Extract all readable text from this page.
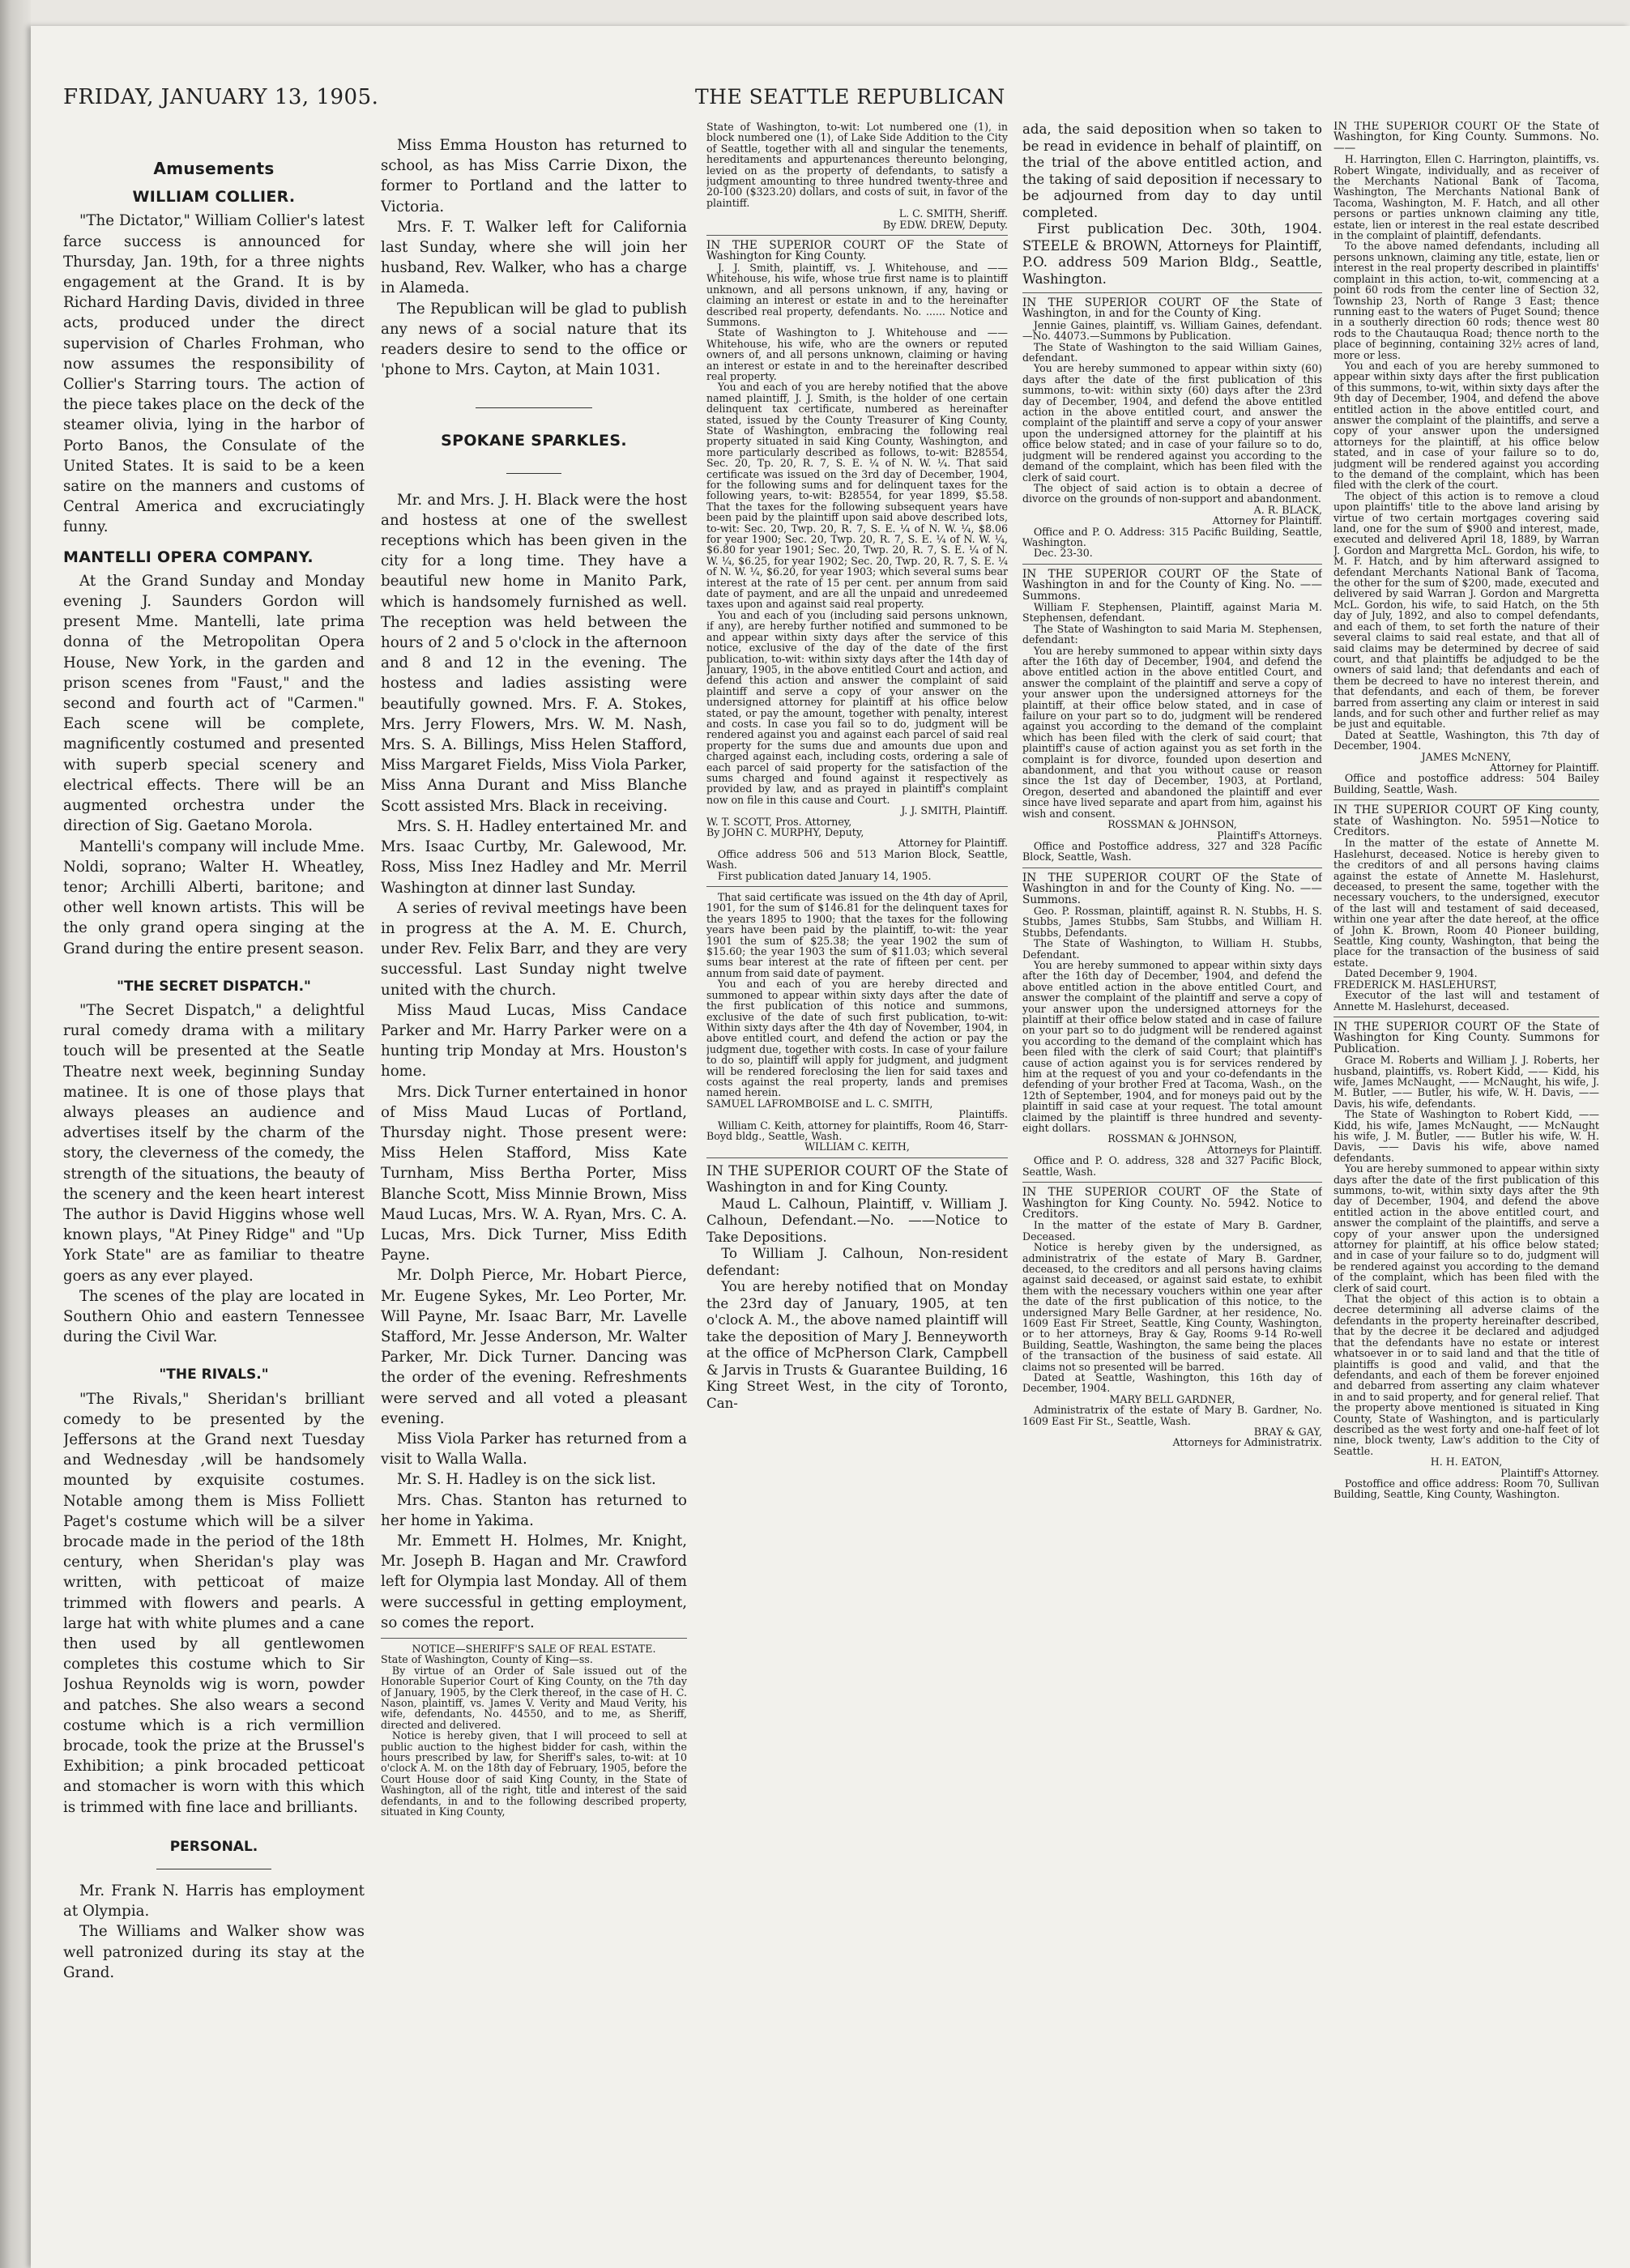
FRIDAY, JANUARY 13, 1905.	THE SEATTLE REPUBLICAN
Amusements
WILLIAM COLLIER.

"The Dictator," William Collier's latest farce success is announced for Thursday, Jan. 19th, for a three nights engagement at the Grand. It is by Richard Harding Davis, divided in three acts, produced under the direct supervision of Charles Frohman, who now assumes the responsibility of Collier's Starring tours. The action of the piece takes place on the deck of the steamer olivia, lying in the harbor of Porto Banos, the Consulate of the United States. It is said to be a keen satire on the manners and customs of Central America and excruciatingly funny.

MANTELLI OPERA COMPANY.

At the Grand Sunday and Monday evening J. Saunders Gordon will present Mme. Mantelli, late prima donna of the Metropolitan Opera House, New York, in the garden and prison scenes from "Faust," and the second and fourth act of "Carmen." Each scene will be complete, magnificently costumed and presented with superb special scenery and electrical effects. There will be an augmented orchestra under the direction of Sig. Gaetano Morola.

Mantelli's company will include Mme. Noldi, soprano; Walter H. Wheatley, tenor; Archilli Alberti, baritone; and other well known artists. This will be the only grand opera singing at the Grand during the entire present season.

"THE SECRET DISPATCH."

"The Secret Dispatch," a delightful rural comedy drama with a military touch will be presented at the Seatle Theatre next week, beginning Sunday matinee. It is one of those plays that always pleases an audience and advertises itself by the charm of the story, the cleverness of the comedy, the strength of the situations, the beauty of the scenery and the keen heart interest The author is David Higgins whose well known plays, "At Piney Ridge" and "Up York State" are as familiar to theatre goers as any ever played.

The scenes of the play are located in Southern Ohio and eastern Tennessee during the Civil War.

"THE RIVALS."

"The Rivals," Sheridan's brilliant comedy to be presented by the Jeffersons at the Grand next Tuesday and Wednesday ,will be handsomely mounted by exquisite costumes. Notable among them is Miss Folliett Paget's costume which will be a silver brocade made in the period of the 18th century, when Sheridan's play was written, with petticoat of maize trimmed with flowers and pearls. A large hat with white plumes and a cane then used by all gentlewomen completes this costume which to Sir Joshua Reynolds wig is worn, powder and patches. She also wears a second costume which is a rich vermillion brocade, took the prize at the Brussel's Exhibition; a pink brocaded petticoat and stomacher is worn with this which is trimmed with fine lace and brilliants.

PERSONAL.

Mr. Frank N. Harris has employment at Olympia.

The Williams and Walker show was well patronized during its stay at the Grand.

Miss Emma Houston has returned to school, as has Miss Carrie Dixon, the former to Portland and the latter to Victoria.

Mrs. F. T. Walker left for California last Sunday, where she will join her husband, Rev. Walker, who has a charge in Alameda.

The Republican will be glad to publish any news of a social nature that its readers desire to send to the office or 'phone to Mrs. Cayton, at Main 1031.

SPOKANE SPARKLES.

Mr. and Mrs. J. H. Black were the host and hostess at one of the swellest receptions which has been given in the city for a long time. They have a beautiful new home in Manito Park, which is handsomely furnished as well. The reception was held between the hours of 2 and 5 o'clock in the afternoon and 8 and 12 in the evening. The hostess and ladies assisting were beautifully gowned. Mrs. F. A. Stokes, Mrs. Jerry Flowers, Mrs. W. M. Nash, Mrs. S. A. Billings, Miss Helen Stafford, Miss Margaret Fields, Miss Viola Parker, Miss Anna Durant and Miss Blanche Scott assisted Mrs. Black in receiving.

Mrs. S. H. Hadley entertained Mr. and Mrs. Isaac Curtby, Mr. Galewood, Mr. Ross, Miss Inez Hadley and Mr. Merril Washington at dinner last Sunday.

A series of revival meetings have been in progress at the A. M. E. Church, under Rev. Felix Barr, and they are very successful. Last Sunday night twelve united with the church.

Miss Maud Lucas, Miss Candace Parker and Mr. Harry Parker were on a hunting trip Monday at Mrs. Houston's home.

Mrs. Dick Turner entertained in honor of Miss Maud Lucas of Portland, Thursday night. Those present were: Miss Helen Stafford, Miss Kate Turnham, Miss Bertha Porter, Miss Blanche Scott, Miss Minnie Brown, Miss Maud Lucas, Mrs. W. A. Ryan, Mrs. C. A. Lucas, Mrs. Dick Turner, Miss Edith Payne.

Mr. Dolph Pierce, Mr. Hobart Pierce, Mr. Eugene Sykes, Mr. Leo Porter, Mr. Will Payne, Mr. Isaac Barr, Mr. Lavelle Stafford, Mr. Jesse Anderson, Mr. Walter Parker, Mr. Dick Turner. Dancing was the order of the evening. Refreshments were served and all voted a pleasant evening.

Miss Viola Parker has returned from a visit to Walla Walla.

Mr. S. H. Hadley is on the sick list.

Mrs. Chas. Stanton has returned to her home in Yakima.

Mr. Emmett H. Holmes, Mr. Knight, Mr. Joseph B. Hagan and Mr. Crawford left for Olympia last Monday. All of them were successful in getting employment, so comes the report.

NOTICE—SHERIFF'S SALE OF REAL ESTATE.

State of Washington, County of King—ss.

By virtue of an Order of Sale issued out of the Honorable Superior Court of King County, on the 7th day of January, 1905, by the Clerk thereof, in the case of H. C. Nason, plaintiff, vs. James V. Verity and Maud Verity, his wife, defendants, No. 44550, and to me, as Sheriff, directed and delivered.

Notice is hereby given, that I will proceed to sell at public auction to the highest bidder for cash, within the hours prescribed by law, for Sheriff's sales, to-wit: at 10 o'clock A. M. on the 18th day of February, 1905, before the Court House door of said King County, in the State of Washington, all of the right, title and interest of the said defendants, in and to the following described property, situated in King County,

State of Washington, to-wit: Lot numbered one (1), in block numbered one (1), of Lake Side Addition to the City of Seattle, together with all and singular the tenements, hereditaments and appurtenances thereunto belonging, levied on as the property of defendants, to satisfy a judgment amounting to three hundred twenty-three and 20-100 ($323.20) dollars, and costs of suit, in favor of the plaintiff.

L. C. SMITH, Sheriff.

By EDW. DREW, Deputy.

IN THE SUPERIOR COURT OF the State of Washington for King County.

J. J. Smith, plaintiff, vs. J. Whitehouse, and —— Whitehouse, his wife, whose true first name is to plaintiff unknown, and all persons unknown, if any, having or claiming an interest or estate in and to the hereinafter described real property, defendants. No. ...... Notice and Summons.

State of Washington to J. Whitehouse and —— Whitehouse, his wife, who are the owners or reputed owners of, and all persons unknown, claiming or having an interest or estate in and to the hereinafter described real property.

You and each of you are hereby notified that the above named plaintiff, J. J. Smith, is the holder of one certain delinquent tax certificate, numbered as hereinafter stated, issued by the County Treasurer of King County, State of Washington, embracing the following real property situated in said King County, Washington, and more particularly described as follows, to-wit: B28554, Sec. 20, Tp. 20, R. 7, S. E. ¼ of N. W. ¼. That said certificate was issued on the 3rd day of December, 1904, for the following sums and for delinquent taxes for the following years, to-wit: B28554, for year 1899, $5.58. That the taxes for the following subsequent years have been paid by the plaintiff upon said above described lots, to-wit: Sec. 20, Twp. 20, R. 7, S. E. ¼ of N. W. ¼, $8.06 for year 1900; Sec. 20, Twp. 20, R. 7, S. E. ¼ of N. W. ¼, $6.80 for year 1901; Sec. 20, Twp. 20, R. 7, S. E. ¼ of N. W. ¼, $6.25, for year 1902; Sec. 20, Twp. 20, R. 7, S. E. ¼ of N. W. ¼, $6.20, for year 1903; which several sums bear interest at the rate of 15 per cent. per annum from said date of payment, and are all the unpaid and unredeemed taxes upon and against said real property.

You and each of you (including said persons unknown, if any), are hereby further notified and summoned to be and appear within sixty days after the service of this notice, exclusive of the day of the date of the first publication, to-wit: within sixty days after the 14th day of January, 1905, in the above entitled Court and action, and defend this action and answer the complaint of said plaintiff and serve a copy of your answer on the undersigned attorney for plaintiff at his office below stated, or pay the amount, together with penalty, interest and costs. In case you fail so to do, judgment will be rendered against you and against each parcel of said real property for the sums due and amounts due upon and charged against each, including costs, ordering a sale of each parcel of said property for the satisfaction of the sums charged and found against it respectively as provided by law, and as prayed in plaintiff's complaint now on file in this cause and Court.

J. J. SMITH, Plaintiff.

W. T. SCOTT, Pros. Attorney,

By JOHN C. MURPHY, Deputy,

Attorney for Plaintiff.

Office address 506 and 513 Marion Block, Seattle, Wash.

First publication dated January 14, 1905.

That said certificate was issued on the 4th day of April, 1901, for the sum of $146.81 for the delinquent taxes for the years 1895 to 1900; that the taxes for the following years have been paid by the plaintiff, to-wit: the year 1901 the sum of $25.38; the year 1902 the sum of $15.60; the year 1903 the sum of $11.03; which several sums bear interest at the rate of fifteen per cent. per annum from said date of payment.

You and each of you are hereby directed and summoned to appear within sixty days after the date of the first publication of this notice and summons, exclusive of the date of such first publication, to-wit: Within sixty days after the 4th day of November, 1904, in above entitled court, and defend the action or pay the judgment due, together with costs. In case of your failure to do so, plaintiff will apply for judgment, and judgment will be rendered foreclosing the lien for said taxes and costs against the real property, lands and premises named herein.

SAMUEL LAFROMBOISE and L. C. SMITH,

Plaintiffs.

William C. Keith, attorney for plaintiffs, Room 46, Starr-Boyd bldg., Seattle, Wash.

WILLIAM C. KEITH,

IN THE SUPERIOR COURT OF the State of Washington in and for King County.

Maud L. Calhoun, Plaintiff, v. William J. Calhoun, Defendant.—No. ——Notice to Take Depositions.

To William J. Calhoun, Non-resident defendant:

You are hereby notified that on Monday the 23rd day of January, 1905, at ten o'clock A. M., the above named plaintiff will take the deposition of Mary J. Benneyworth at the office of McPherson Clark, Campbell & Jarvis in Trusts & Guarantee Building, 16 King Street West, in the city of Toronto, Can-

ada, the said deposition when so taken to be read in evidence in behalf of plaintiff, on the trial of the above entitled action, and the taking of said deposition if necessary to be adjourned from day to day until completed.

First publication Dec. 30th, 1904. STEELE & BROWN, Attorneys for Plaintiff, P.O. address 509 Marion Bldg., Seattle, Washington.

IN THE SUPERIOR COURT OF the State of Washington, in and for the County of King.

Jennie Gaines, plaintiff, vs. William Gaines, defendant.—No. 44073.—Summons by Publication.

The State of Washington to the said William Gaines, defendant.

You are hereby summoned to appear within sixty (60) days after the date of the first publication of this summons, to-wit: within sixty (60) days after the 23rd day of December, 1904, and defend the above entitled action in the above entitled court, and answer the complaint of the plaintiff and serve a copy of your answer upon the undersigned attorney for the plaintiff at his office below stated; and in case of your failure so to do, judgment will be rendered against you according to the demand of the complaint, which has been filed with the clerk of said court.

The object of said action is to obtain a decree of divorce on the grounds of non-support and abandonment.

A. R. BLACK,

Attorney for Plaintiff.

Office and P. O. Address: 315 Pacific Building, Seattle, Washington.

Dec. 23-30.

IN THE SUPERIOR COURT OF the State of Washington in and for the County of King. No. ——Summons.

William F. Stephensen, Plaintiff, against Maria M. Stephensen, defendant.

The State of Washington to said Maria M. Stephensen, defendant:

You are hereby summoned to appear within sixty days after the 16th day of December, 1904, and defend the above entitled action in the above entitled Court, and answer the complaint of the plaintiff and serve a copy of your answer upon the undersigned attorneys for the plaintiff, at their office below stated, and in case of failure on your part so to do, judgment will be rendered against you according to the demand of the complaint which has been filed with the clerk of said court; that plaintiff's cause of action against you as set forth in the complaint is for divorce, founded upon desertion and abandonment, and that you without cause or reason since the 1st day of December, 1903, at Portland, Oregon, deserted and abandoned the plaintiff and ever since have lived separate and apart from him, against his wish and consent.

ROSSMAN & JOHNSON,

Plaintiff's Attorneys.

Office and Postoffice address, 327 and 328 Pacific Block, Seattle, Wash.

IN THE SUPERIOR COURT OF the State of Washington in and for the County of King. No. ——Summons.

Geo. P. Rossman, plaintiff, against R. N. Stubbs, H. S. Stubbs, James Stubbs, Sam Stubbs, and William H. Stubbs, Defendants.

The State of Washington, to William H. Stubbs, Defendant.

You are hereby summoned to appear within sixty days after the 16th day of December, 1904, and defend the above entitled action in the above entitled Court, and answer the complaint of the plaintiff and serve a copy of your answer upon the undersigned attorneys for the plaintiff at their office below stated and in case of failure on your part so to do judgment will be rendered against you according to the demand of the complaint which has been filed with the clerk of said Court; that plaintiff's cause of action against you is for services rendered by him at the request of you and your co-defendants in the defending of your brother Fred at Tacoma, Wash., on the 12th of September, 1904, and for moneys paid out by the plaintiff in said case at your request. The total amount claimed by the plaintiff is three hundred and seventy-eight dollars.

ROSSMAN & JOHNSON,

Attorneys for Plaintiff.

Office and P. O. address, 328 and 327 Pacific Block, Seattle, Wash.

IN THE SUPERIOR COURT OF the State of Washington for King County. No. 5942. Notice to Creditors.

In the matter of the estate of Mary B. Gardner, Deceased.

Notice is hereby given by the undersigned, as administratrix of the estate of Mary B. Gardner, deceased, to the creditors and all persons having claims against said deceased, or against said estate, to exhibit them with the necessary vouchers within one year after the date of the first publication of this notice, to the undersigned Mary Belle Gardner, at her residence, No. 1609 East Fir Street, Seattle, King County, Washington, or to her attorneys, Bray & Gay, Rooms 9-14 Ro-well Building, Seattle, Washington, the same being the places of the transaction of the business of said estate. All claims not so presented will be barred.

Dated at Seattle, Washington, this 16th day of December, 1904.

MARY BELL GARDNER,

Administratrix of the estate of Mary B. Gardner, No. 1609 East Fir St., Seattle, Wash.

BRAY & GAY,

Attorneys for Administratrix.

IN THE SUPERIOR COURT OF the State of Washington, for King County. Summons. No. ——

H. Harrington, Ellen C. Harrington, plaintiffs, vs. Robert Wingate, individually, and as receiver of the Merchants National Bank of Tacoma, Washington, The Merchants National Bank of Tacoma, Washington, M. F. Hatch, and all other persons or parties unknown claiming any title, estate, lien or interest in the real estate described in the complaint of plaintiff, defendants.

To the above named defendants, including all persons unknown, claiming any title, estate, lien or interest in the real property described in plaintiffs' complaint in this action, to-wit, commencing at a point 60 rods from the center line of Section 32, Township 23, North of Range 3 East; thence running east to the waters of Puget Sound; thence in a southerly direction 60 rods; thence west 80 rods to the Chautauqua Road; thence north to the place of beginning, containing 32½ acres of land, more or less.

You and each of you are hereby summoned to appear within sixty days after the first publication of this summons, to-wit, within sixty days after the 9th day of December, 1904, and defend the above entitled action in the above entitled court, and answer the complaint of the plaintiffs, and serve a copy of your answer upon the undersigned attorneys for the plaintiff, at his office below stated, and in case of your failure so to do, judgment will be rendered against you according to the demand of the complaint, which has been filed with the clerk of the court.

The object of this action is to remove a cloud upon plaintiffs' title to the above land arising by virtue of two certain mortgages covering said land, one for the sum of $900 and interest, made, executed and delivered April 18, 1889, by Warran J. Gordon and Margretta McL. Gordon, his wife, to M. F. Hatch, and by him afterward assigned to defendant Merchants National Bank of Tacoma, the other for the sum of $200, made, executed and delivered by said Warran J. Gordon and Margretta McL. Gordon, his wife, to said Hatch, on the 5th day of July, 1892, and also to compel defendants, and each of them, to set forth the nature of their several claims to said real estate, and that all of said claims may be determined by decree of said court, and that plaintiffs be adjudged to be the owners of said land; that defendants and each of them be decreed to have no interest therein, and that defendants, and each of them, be forever barred from asserting any claim or interest in said lands, and for such other and further relief as may be just and equitable.

Dated at Seattle, Washington, this 7th day of December, 1904.

JAMES McNENY,

Attorney for Plaintiff.

Office and postoffice address: 504 Bailey Building, Seattle, Wash.

IN THE SUPERIOR COURT OF King county, state of Washington. No. 5951—Notice to Creditors.

In the matter of the estate of Annette M. Haslehurst, deceased. Notice is hereby given to the creditors of and all persons having claims against the estate of Annette M. Haslehurst, deceased, to present the same, together with the necessary vouchers, to the undersigned, executor of the last will and testament of said deceased, within one year after the date hereof, at the office of John K. Brown, Room 40 Pioneer building, Seattle, King county, Washington, that being the place for the transaction of the business of said estate.

Dated December 9, 1904.

FREDERICK M. HASLEHURST,

Executor of the last will and testament of Annette M. Haslehurst, deceased.

IN THE SUPERIOR COURT OF the State of Washington for King County. Summons for Publication.

Grace M. Roberts and William J. J. Roberts, her husband, plaintiffs, vs. Robert Kidd, —— Kidd, his wife, James McNaught, —— McNaught, his wife, J. M. Butler, —— Butler, his wife, W. H. Davis, —— Davis, his wife, defendants.

The State of Washington to Robert Kidd, —— Kidd, his wife, James McNaught, —— McNaught his wife, J. M. Butler, —— Butler his wife, W. H. Davis, —— Davis his wife, above named defendants.

You are hereby summoned to appear within sixty days after the date of the first publication of this summons, to-wit, within sixty days after the 9th day of December, 1904, and defend the above entitled action in the above entitled court, and answer the complaint of the plaintiffs, and serve a copy of your answer upon the undersigned attorney for plaintiff, at his office below stated; and in case of your failure so to do, judgment will be rendered against you according to the demand of the complaint, which has been filed with the clerk of said court.

That the object of this action is to obtain a decree determining all adverse claims of the defendants in the property hereinafter described, that by the decree it be declared and adjudged that the defendants have no estate or interest whatsoever in or to said land and that the title of plaintiffs is good and valid, and that the defendants, and each of them be forever enjoined and debarred from asserting any claim whatever in and to said property, and for general relief. That the property above mentioned is situated in King County, State of Washington, and is particularly described as the west forty and one-half feet of lot nine, block twenty, Law's addition to the City of Seattle.

H. H. EATON,

Plaintiff's Attorney.

Postoffice and office address: Room 70, Sullivan Building, Seattle, King County, Washington.
